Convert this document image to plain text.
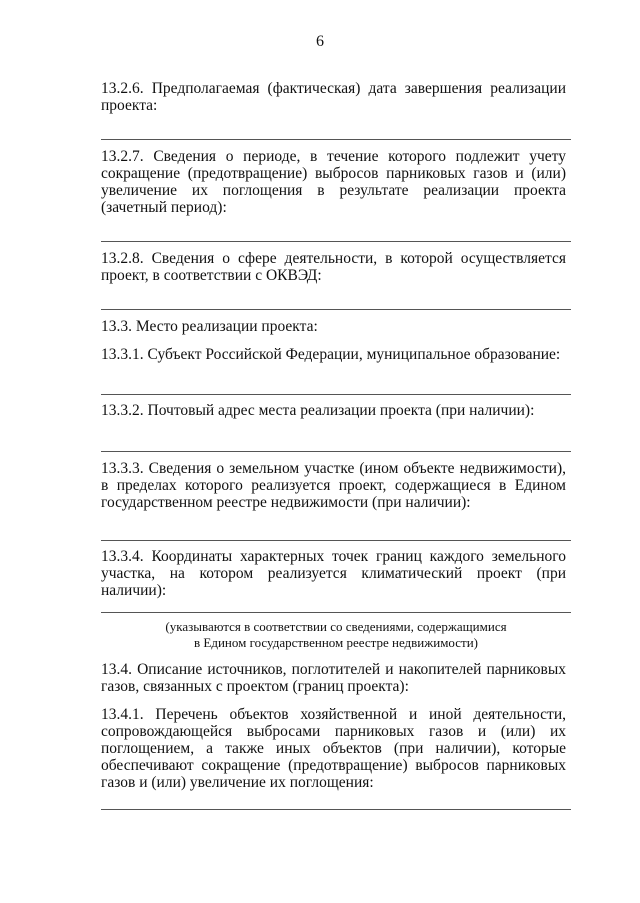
6
13.2.6. Предполагаемая (фактическая) дата завершения реализации проекта:
13.2.7. Сведения о периоде, в течение которого подлежит учету сокращение (предотвращение) выбросов парниковых газов и (или) увеличение их поглощения в результате реализации проекта (зачетный период):
13.2.8. Сведения о сфере деятельности, в которой осуществляется проект, в соответствии с ОКВЭД:
13.3. Место реализации проекта:
13.3.1. Субъект Российской Федерации, муниципальное образование:
13.3.2. Почтовый адрес места реализации проекта (при наличии):
13.3.3. Сведения о земельном участке (ином объекте недвижимости), в пределах которого реализуется проект, содержащиеся в Едином государственном реестре недвижимости (при наличии):
13.3.4. Координаты характерных точек границ каждого земельного участка, на котором реализуется климатический проект (при наличии):
(указываются в соответствии со сведениями, содержащимися
в Едином государственном реестре недвижимости)
13.4. Описание источников, поглотителей и накопителей парниковых газов, связанных с проектом (границ проекта):
13.4.1. Перечень объектов хозяйственной и иной деятельности, сопровождающейся выбросами парниковых газов и (или) их поглощением, а также иных объектов (при наличии), которые обеспечивают сокращение (предотвращение) выбросов парниковых газов и (или) увеличение их поглощения:
